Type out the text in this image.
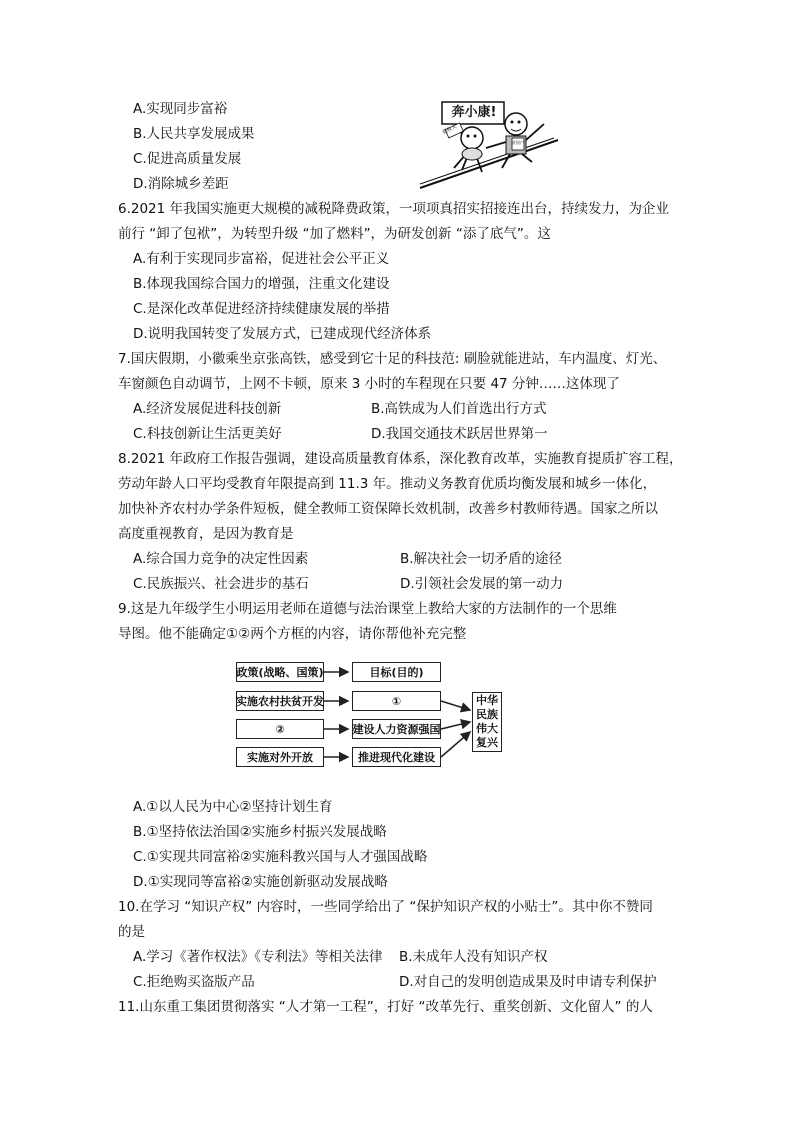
A.实现同步富裕
B.人民共享发展成果
C.促进高质量发展
D.消除城乡差距
奔小康!
低收入
贫困户
6.2021 年我国实施更大规模的减税降费政策，一项项真招实招接连出台，持续发力，为企业
前行 “卸了包袱”，为转型升级 “加了燃料”，为研发创新 “添了底气”。这
A.有利于实现同步富裕，促进社会公平正义
B.体现我国综合国力的增强，注重文化建设
C.是深化改革促进经济持续健康发展的举措
D.说明我国转变了发展方式，已建成现代经济体系
7.国庆假期，小徽乘坐京张高铁，感受到它十足的科技范: 刷脸就能进站，车内温度、灯光、
车窗颜色自动调节，上网不卡顿，原来 3 小时的车程现在只要 47 分钟……这体现了
A.经济发展促进科技创新	B.高铁成为人们首选出行方式
C.科技创新让生活更美好	D.我国交通技术跃居世界第一
8.2021 年政府工作报告强调，建设高质量教育体系，深化教育改革，实施教育提质扩容工程，
劳动年龄人口平均受教育年限提高到 11.3 年。推动义务教育优质均衡发展和城乡一体化，
加快补齐农村办学条件短板，健全教师工资保障长效机制，改善乡村教师待遇。国家之所以
高度重视教育，是因为教育是
A.综合国力竞争的决定性因素	B.解决社会一切矛盾的途径
C.民族振兴、社会进步的基石	D.引领社会发展的第一动力
9.这是九年级学生小明运用老师在道德与法治课堂上教给大家的方法制作的一个思维
导图。他不能确定①②两个方框的内容，请你帮他补充完整
政策(战略、国策)
实施农村扶贫开发
②
实施对外开放
目标(目的)
①
建设人力资源强国
推进现代化建设
中华
民族
伟大
复兴
A.①以人民为中心②坚持计划生育
B.①坚持依法治国②实施乡村振兴发展战略
C.①实现共同富裕②实施科教兴国与人才强国战略
D.①实现同等富裕②实施创新驱动发展战略
10.在学习 “知识产权” 内容时，一些同学给出了 “保护知识产权的小贴士”。其中你不赞同
的是
A.学习《著作权法》《专利法》等相关法律 B.未成年人没有知识产权
C.拒绝购买盗版产品	D.对自己的发明创造成果及时申请专利保护
11.山东重工集团贯彻落实 “人才第一工程”，打好 “改革先行、重奖创新、文化留人” 的人
